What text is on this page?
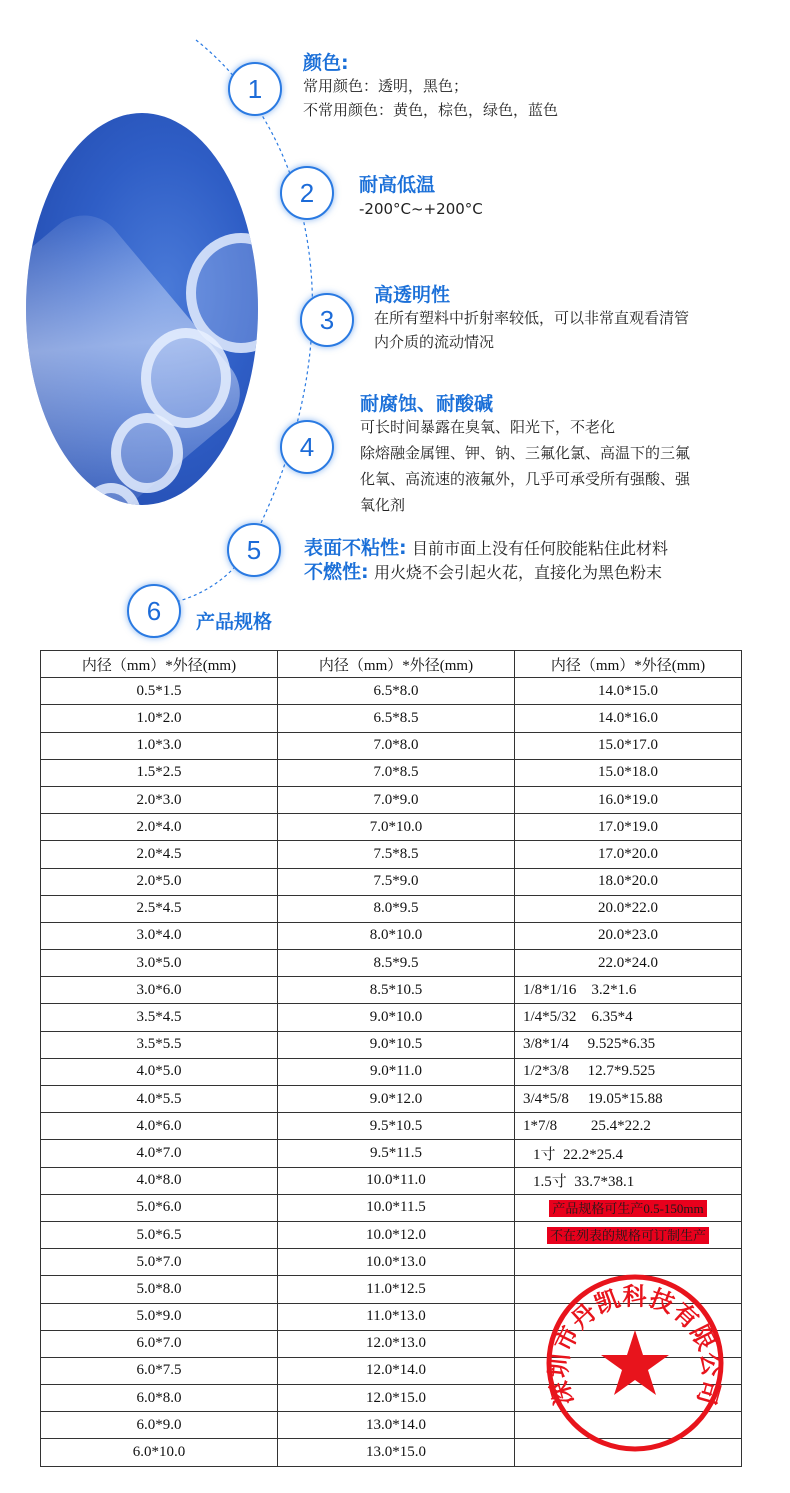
1
颜色:
常用颜色：透明，黑色；
不常用颜色：黄色，棕色，绿色，蓝色
2	耐高低温
-200°C~+200°C
3
高透明性
在所有塑料中折射率较低，可以非常直观看清管
内介质的流动情况
4
耐腐蚀、耐酸碱
可长时间暴露在臭氧、阳光下，不老化
除熔融金属锂、钾、钠、三氟化氯、高温下的三氟
化氧、高流速的液氟外，几乎可承受所有强酸、强
氧化剂
5	表面不粘性: 目前市面上没有任何胶能粘住此材料
不燃性: 用火烧不会引起火花，直接化为黑色粉末
6	产品规格
内径（mm）*外径(mm)	内径（mm）*外径(mm)	内径（mm）*外径(mm)
0.5*1.5	6.5*8.0	14.0*15.0
1.0*2.0	6.5*8.5	14.0*16.0
1.0*3.0	7.0*8.0	15.0*17.0
1.5*2.5	7.0*8.5	15.0*18.0
2.0*3.0	7.0*9.0	16.0*19.0
2.0*4.0	7.0*10.0	17.0*19.0
2.0*4.5	7.5*8.5	17.0*20.0
2.0*5.0	7.5*9.0	18.0*20.0
2.5*4.5	8.0*9.5	20.0*22.0
3.0*4.0	8.0*10.0	20.0*23.0
3.0*5.0	8.5*9.5	22.0*24.0
3.0*6.0	8.5*10.5	1/8*1/16    3.2*1.6
3.5*4.5	9.0*10.0	1/4*5/32    6.35*4
3.5*5.5	9.0*10.5	3/8*1/4     9.525*6.35
4.0*5.0	9.0*11.0	1/2*3/8     12.7*9.525
4.0*5.5	9.0*12.0	3/4*5/8     19.05*15.88
4.0*6.0	9.5*10.5	1*7/8         25.4*22.2
4.0*7.0	9.5*11.5	1寸  22.2*25.4
4.0*8.0	10.0*11.0	1.5寸  33.7*38.1
5.0*6.0	10.0*11.5	产品规格可生产0.5-150mm
5.0*6.5	10.0*12.0	不在列表的规格可订制生产
5.0*7.0	10.0*13.0	
5.0*8.0	11.0*12.5	
5.0*9.0	11.0*13.0	
6.0*7.0	12.0*13.0	
6.0*7.5	12.0*14.0	
6.0*8.0	12.0*15.0	
6.0*9.0	13.0*14.0	
6.0*10.0	13.0*15.0	
深圳市丹凯科技有限公司
